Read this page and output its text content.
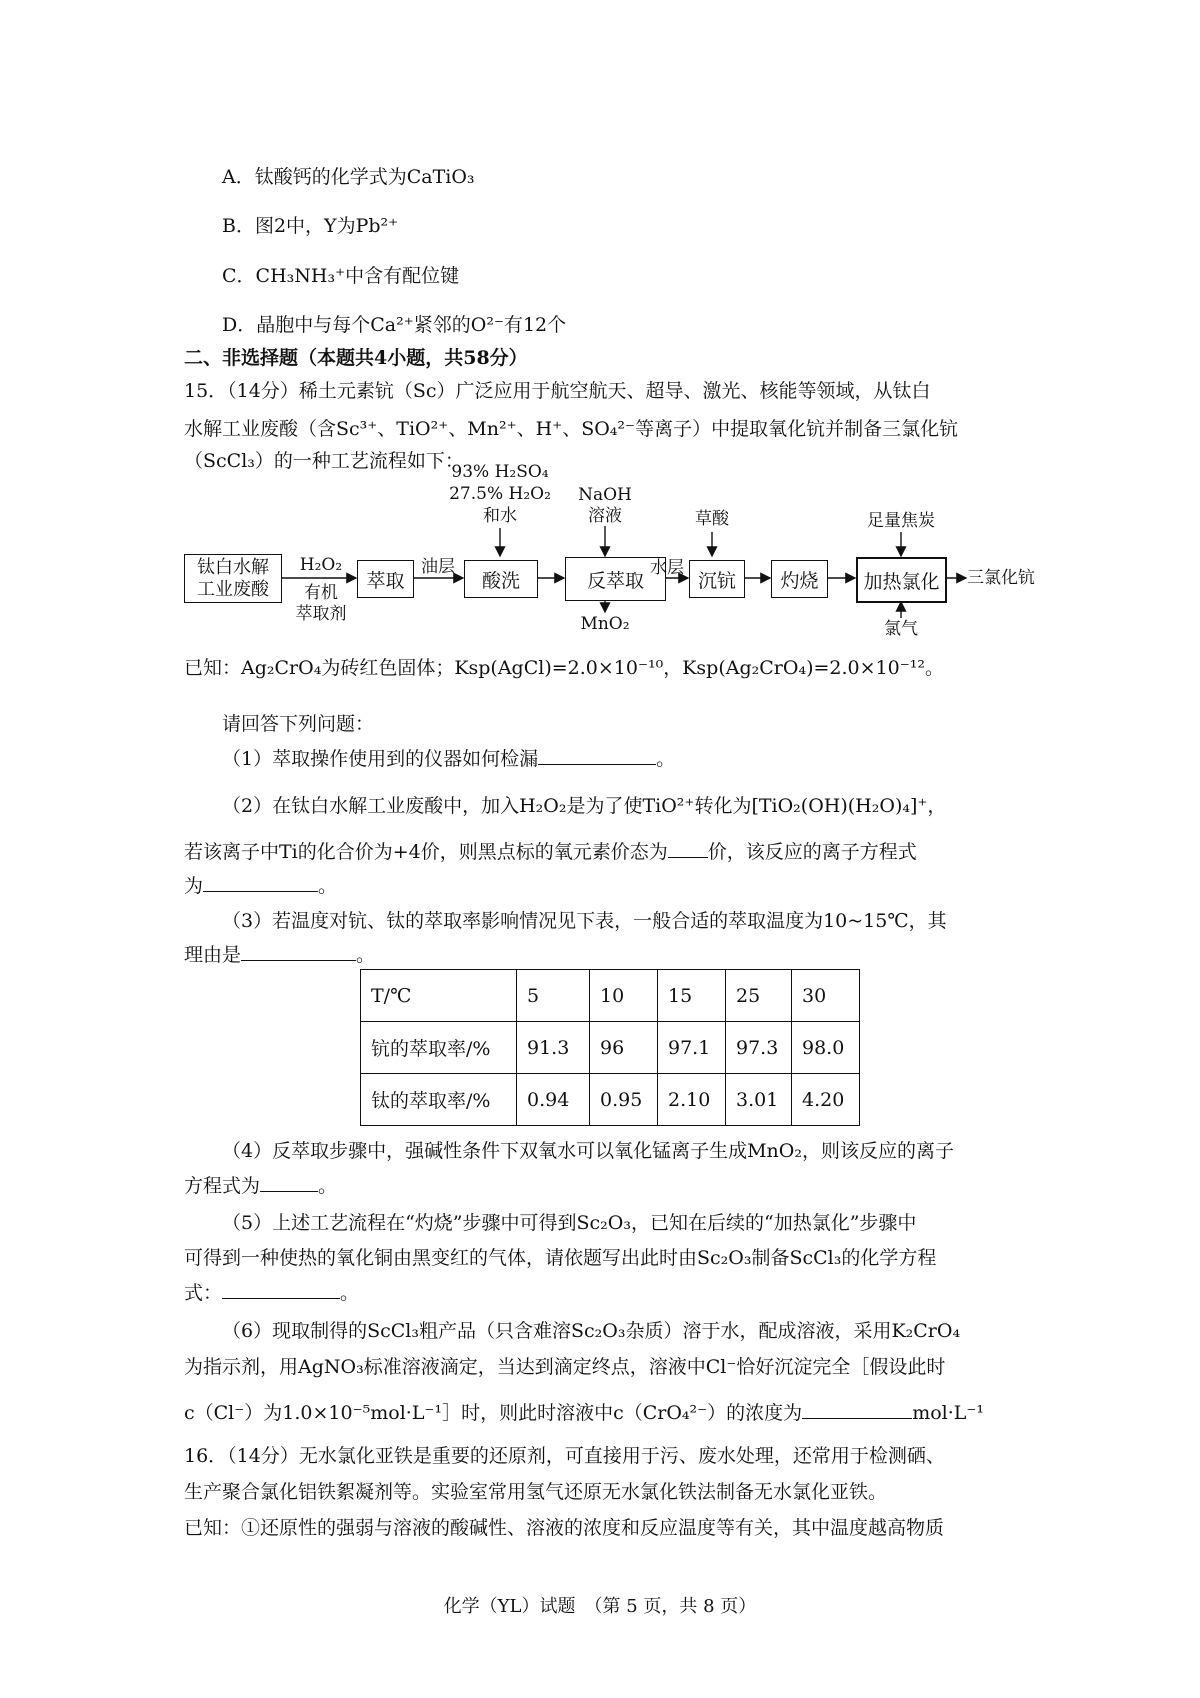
A．钛酸钙的化学式为CaTiO₃
B．图2中，Y为Pb²⁺
C．CH₃NH₃⁺中含有配位键
D．晶胞中与每个Ca²⁺紧邻的O²⁻有12个
二、非选择题（本题共4小题，共58分）
15．（14分）稀土元素钪（Sc）广泛应用于航空航天、超导、激光、核能等领域，从钛白
水解工业废酸（含Sc³⁺、TiO²⁺、Mn²⁺、H⁺、SO₄²⁻等离子）中提取氧化钪并制备三氯化钪
（ScCl₃）的一种工艺流程如下：
93% H₂SO₄
27.5% H₂O₂
和水
NaOH
溶液	草酸	足量焦炭
钛白水解
工业废酸
H₂O₂
有机
萃取剂
萃取
油层
酸洗	反萃取
水层
MnO₂
沉钪	灼烧	加热氯化	三氯化钪
氯气
已知：Ag₂CrO₄为砖红色固体；Ksp(AgCl)=2.0×10⁻¹⁰，Ksp(Ag₂CrO₄)=2.0×10⁻¹²。
请回答下列问题：
（1）萃取操作使用到的仪器如何检漏	。
（2）在钛白水解工业废酸中，加入H₂O₂是为了使TiO²⁺转化为[TiO₂(OH)(H₂O)₄]⁺，
若该离子中Ti的化合价为+4价，则黑点标的氧元素价态为 价，该反应的离子方程式
为	。
（3）若温度对钪、钛的萃取率影响情况见下表，一般合适的萃取温度为10~15℃，其
理由是	。
T/℃	5	10	15	25	30
钪的萃取率/%	91.3	96	97.1	97.3	98.0
钛的萃取率/%	0.94	0.95	2.10	3.01	4.20
（4）反萃取步骤中，强碱性条件下双氧水可以氧化锰离子生成MnO₂，则该反应的离子
方程式为	。
（5）上述工艺流程在“灼烧”步骤中可得到Sc₂O₃，已知在后续的“加热氯化”步骤中
可得到一种使热的氧化铜由黑变红的气体，请依题写出此时由Sc₂O₃制备ScCl₃的化学方程
式：	。
（6）现取制得的ScCl₃粗产品（只含难溶Sc₂O₃杂质）溶于水，配成溶液，采用K₂CrO₄
为指示剂，用AgNO₃标准溶液滴定，当达到滴定终点，溶液中Cl⁻恰好沉淀完全［假设此时
c（Cl⁻）为1.0×10⁻⁵mol·L⁻¹］时，则此时溶液中c（CrO₄²⁻）的浓度为	mol·L⁻¹
16．（14分）无水氯化亚铁是重要的还原剂，可直接用于污、废水处理，还常用于检测硒、
生产聚合氯化铝铁絮凝剂等。实验室常用氢气还原无水氯化铁法制备无水氯化亚铁。
已知：①还原性的强弱与溶液的酸碱性、溶液的浓度和反应温度等有关，其中温度越高物质
化学（YL）试题　（第 5 页，共 8 页）
